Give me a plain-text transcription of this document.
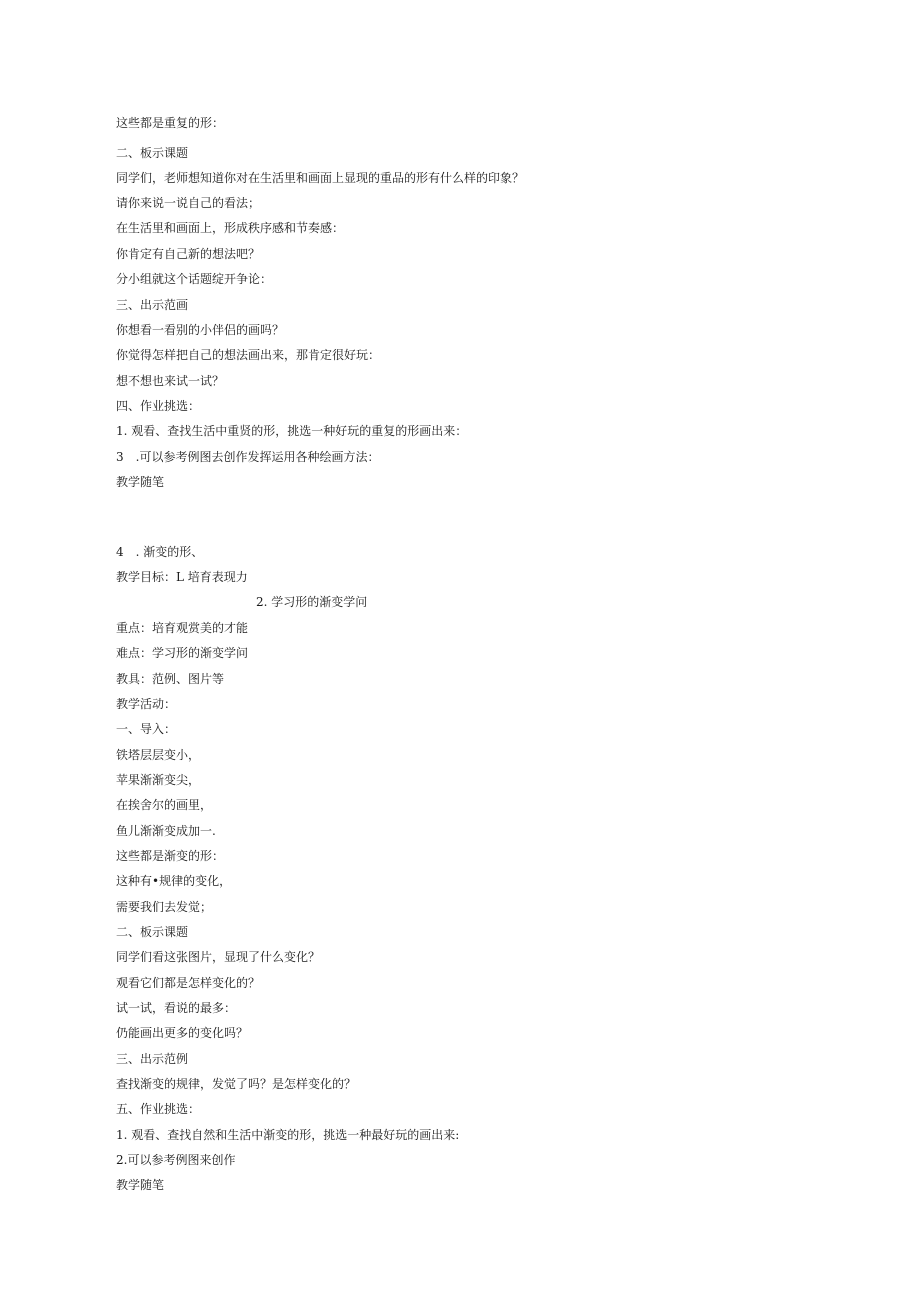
这些都是重复的形：

二、板示课题

同学们，老师想知道你对在生活里和画面上显现的重品的形有什么样的印象？

请你来说一说自己的看法；

在生活里和画面上，形成秩序感和节奏感：

你肯定有自己新的想法吧？

分小组就这个话题绽开争论：

三、出示范画

你想看一看别的小伴侣的画吗？

你觉得怎样把自己的想法画出来，那肯定很好玩：

想不想也来试一试？

四、作业挑选：

1. 观看、查找生活中重贤的形，挑选一种好玩的重复的形画出来：

3　.可以参考例图去创作发挥运用各种绘画方法：

教学随笔

4　. 渐变的形、

教学目标：L 培育表现力

2. 学习形的渐变学问

重点：培育观赏美的才能

难点：学习形的渐变学问

教具：范例、图片等

教学活动：

一、导入：

铁塔层层变小，

苹果渐渐变尖，

在挨舍尔的画里，

鱼儿渐渐变成加一.

这些都是渐变的形：

这种有•规律的变化，

需要我们去发觉；

二、板示课题

同学们看这张图片，显现了什么变化？

观看它们都是怎样变化的？

试一试，看说的最多：

仍能画出更多的变化吗？

三、出示范例

查找渐变的规律，发觉了吗？是怎样变化的？

五、作业挑选：

1. 观看、查找自然和生活中渐变的形，挑选一种最好玩的画出来:

2.可以参考例图来创作

教学随笔
